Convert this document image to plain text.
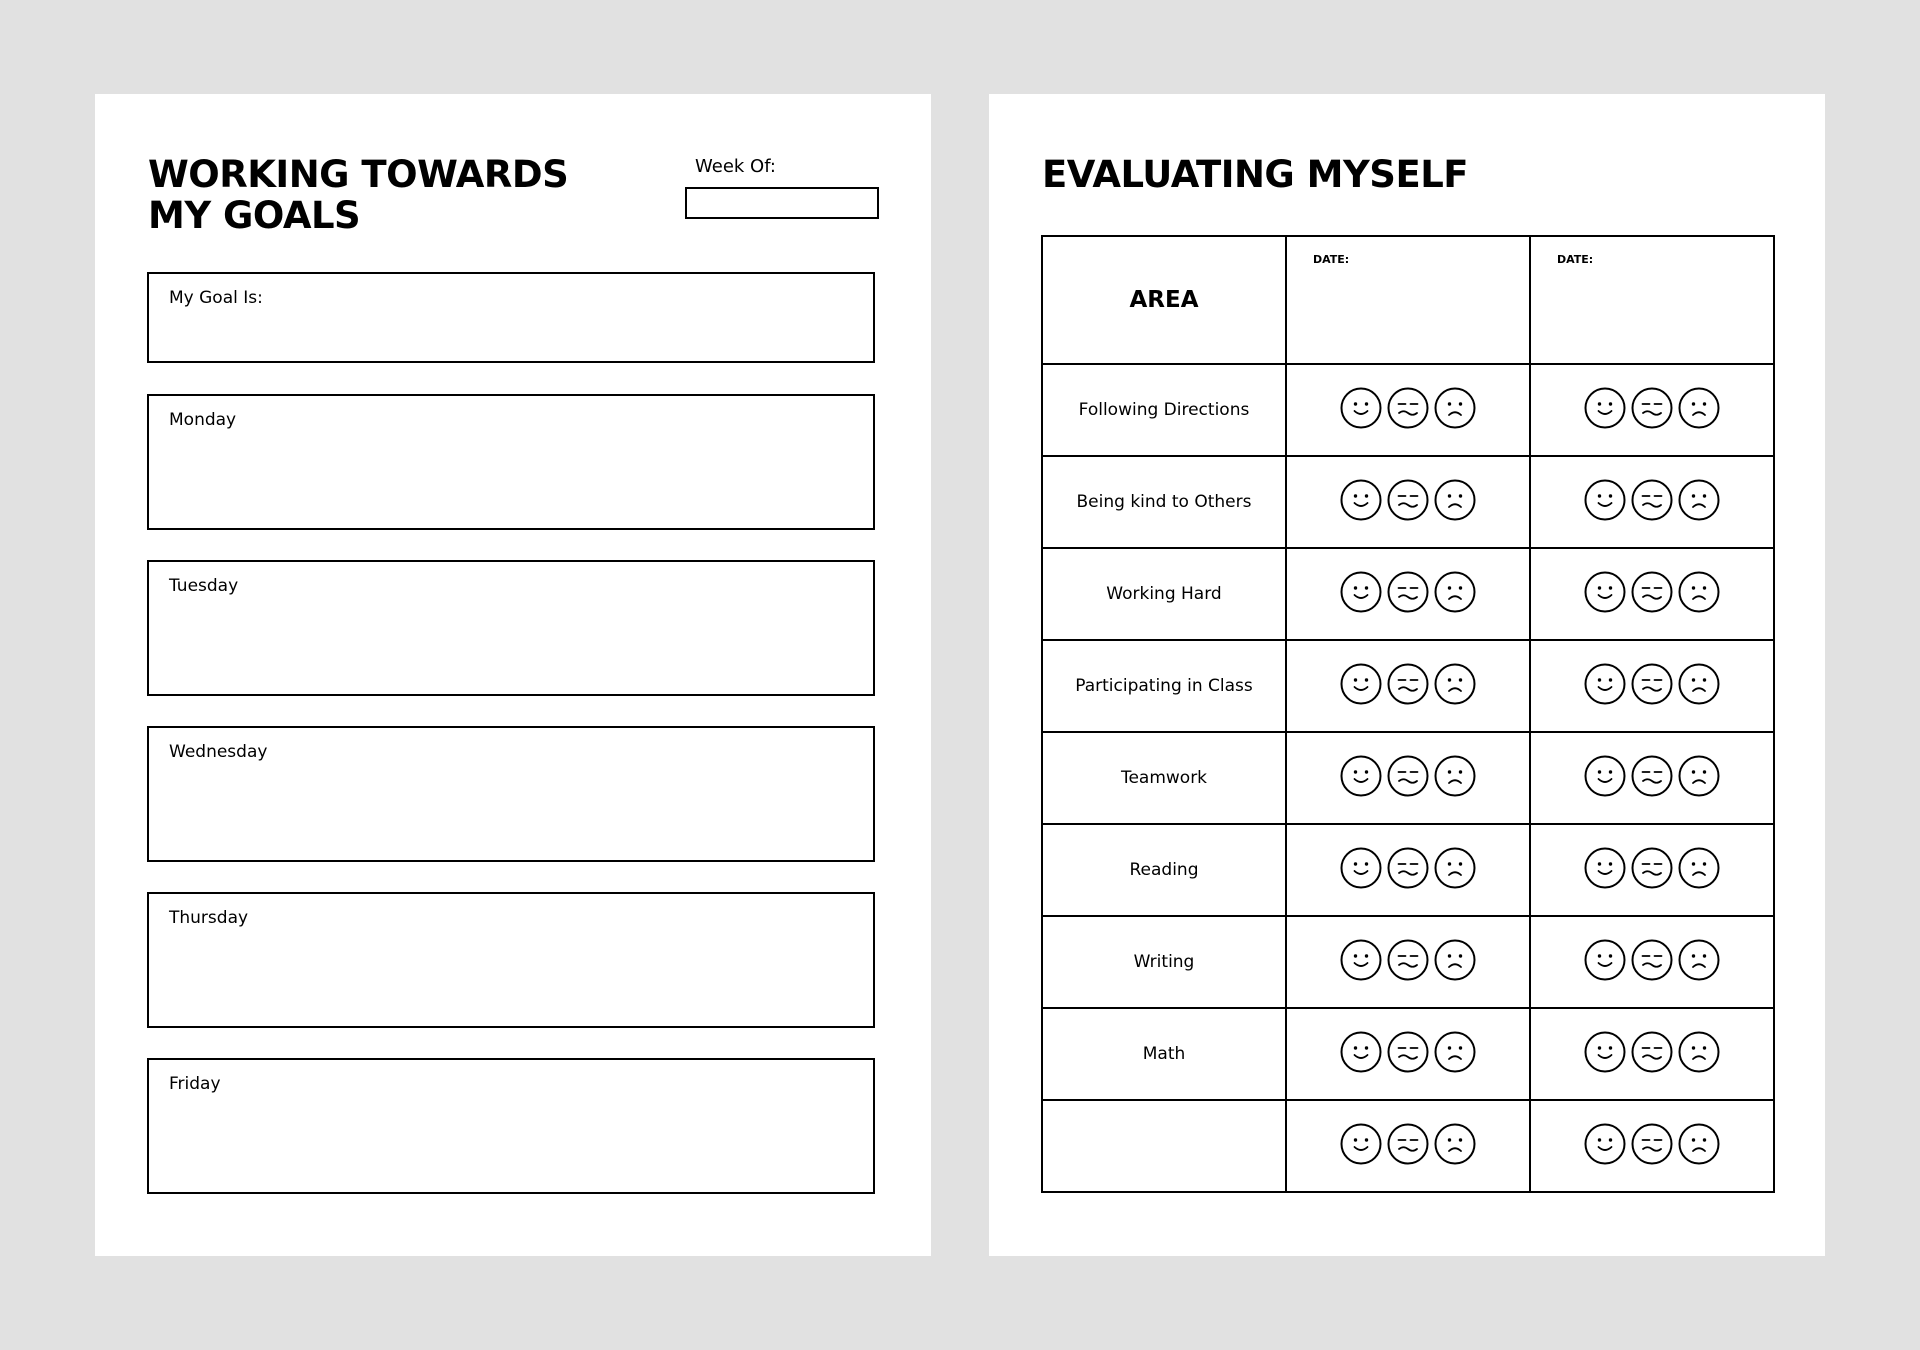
WORKING TOWARDS
MY GOALS
Week Of:
My Goal Is:
Monday
Tuesday
Wednesday
Thursday
Friday
EVALUATING MYSELF
AREA	DATE:	DATE:

Following Directions	

Being kind to Others	

Working Hard	

Participating in Class	

Teamwork	

Reading	

Writing	

Math	
